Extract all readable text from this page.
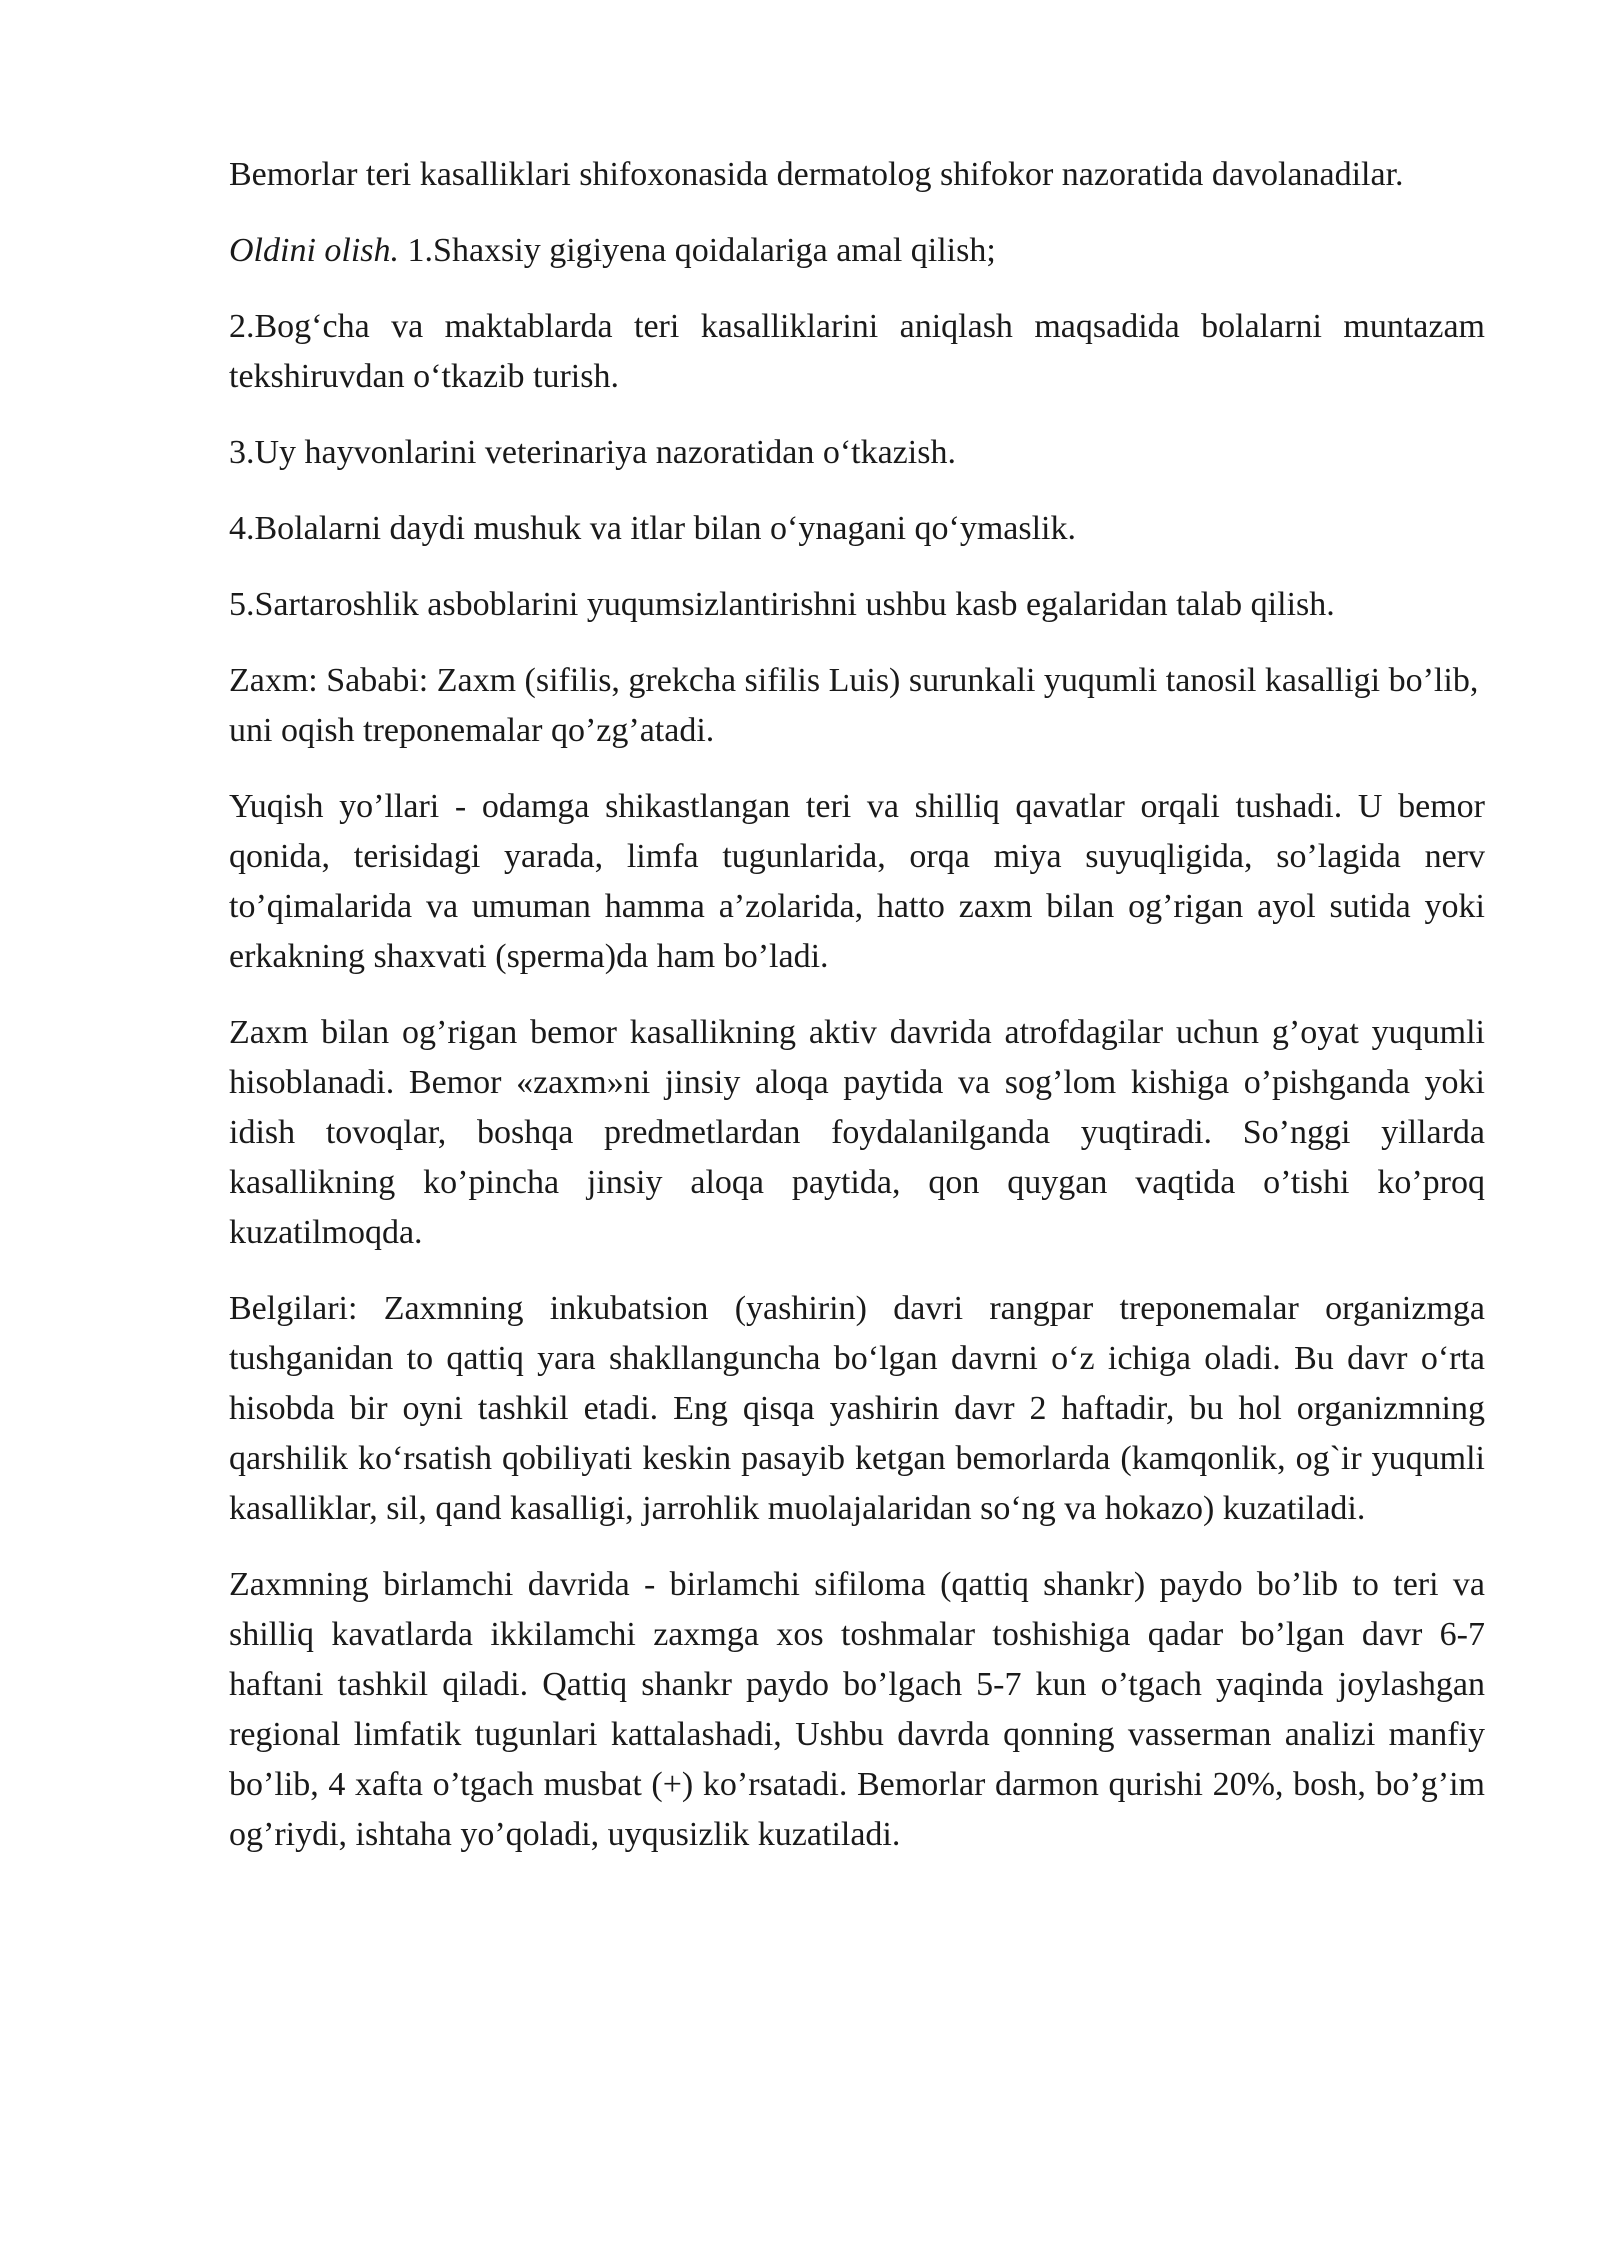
Bemorlar teri kasalliklari shifoxonasida dermatolog shifokor nazoratida davolanadilar.

Oldini olish. 1.Shaxsiy gigiyena qoidalariga amal qilish;

2.Bog‘cha va maktablarda teri kasalliklarini aniqlash maqsadida bolalarni muntazam tekshiruvdan o‘tkazib turish.

3.Uy hayvonlarini veterinariya nazoratidan o‘tkazish.

4.Bolalarni daydi mushuk va itlar bilan o‘ynagani qo‘ymaslik.

5.Sartaroshlik asboblarini yuqumsizlantirishni ushbu kasb egalaridan talab qilish.

Zaxm: Sababi: Zaxm (sifilis, grekcha sifilis Luis) surunkali yuqumli tanosil kasalligi bo’lib, uni oqish treponemalar qo’zg’atadi.

Yuqish yo’llari - odamga shikastlangan teri va shilliq qavatlar orqali tushadi. U bemor qonida, terisidagi yarada, limfa tugunlarida, orqa miya suyuqligida, so’lagida nerv to’qimalarida va umuman hamma a’zolarida, hatto zaxm bilan og’rigan ayol sutida yoki erkakning shaxvati (sperma)da ham bo’ladi.

Zaxm bilan og’rigan bemor kasallikning aktiv davrida atrofdagilar uchun g’oyat yuqumli hisoblanadi. Bemor «zaxm»ni jinsiy aloqa paytida va sog’lom kishiga o’pishganda yoki idish tovoqlar, boshqa predmetlardan foydalanilganda yuqtiradi. So’nggi yillarda kasallikning ko’pincha jinsiy aloqa paytida, qon quygan vaqtida o’tishi ko’proq kuzatilmoqda.

Belgilari: Zaxmning inkubatsion (yashirin) davri rangpar treponemalar organizmga tushganidan to qattiq yara shakllanguncha bo‘lgan davrni o‘z ichiga oladi. Bu davr o‘rta hisobda bir oyni tashkil etadi. Eng qisqa yashirin davr 2 haftadir, bu hol organizmning qarshilik ko‘rsatish qobiliyati keskin pasayib ketgan bemorlarda (kamqonlik, og`ir yuqumli kasalliklar, sil, qand kasalligi, jarrohlik muolajalaridan so‘ng va hokazo) kuzatiladi.

Zaxmning birlamchi davrida - birlamchi sifiloma (qattiq shankr) paydo bo’lib to teri va shilliq kavatlarda ikkilamchi zaxmga xos toshmalar toshishiga qadar bo’lgan davr 6-7 haftani tashkil qiladi. Qattiq shankr paydo bo’lgach 5-7 kun o’tgach yaqinda joylashgan regional limfatik tugunlari kattalashadi, Ushbu davrda qonning vasserman analizi manfiy bo’lib, 4 xafta o’tgach musbat (+) ko’rsatadi. Bemorlar darmon qurishi 20%, bosh, bo’g’im og’riydi, ishtaha yo’qoladi, uyqusizlik kuzatiladi.
